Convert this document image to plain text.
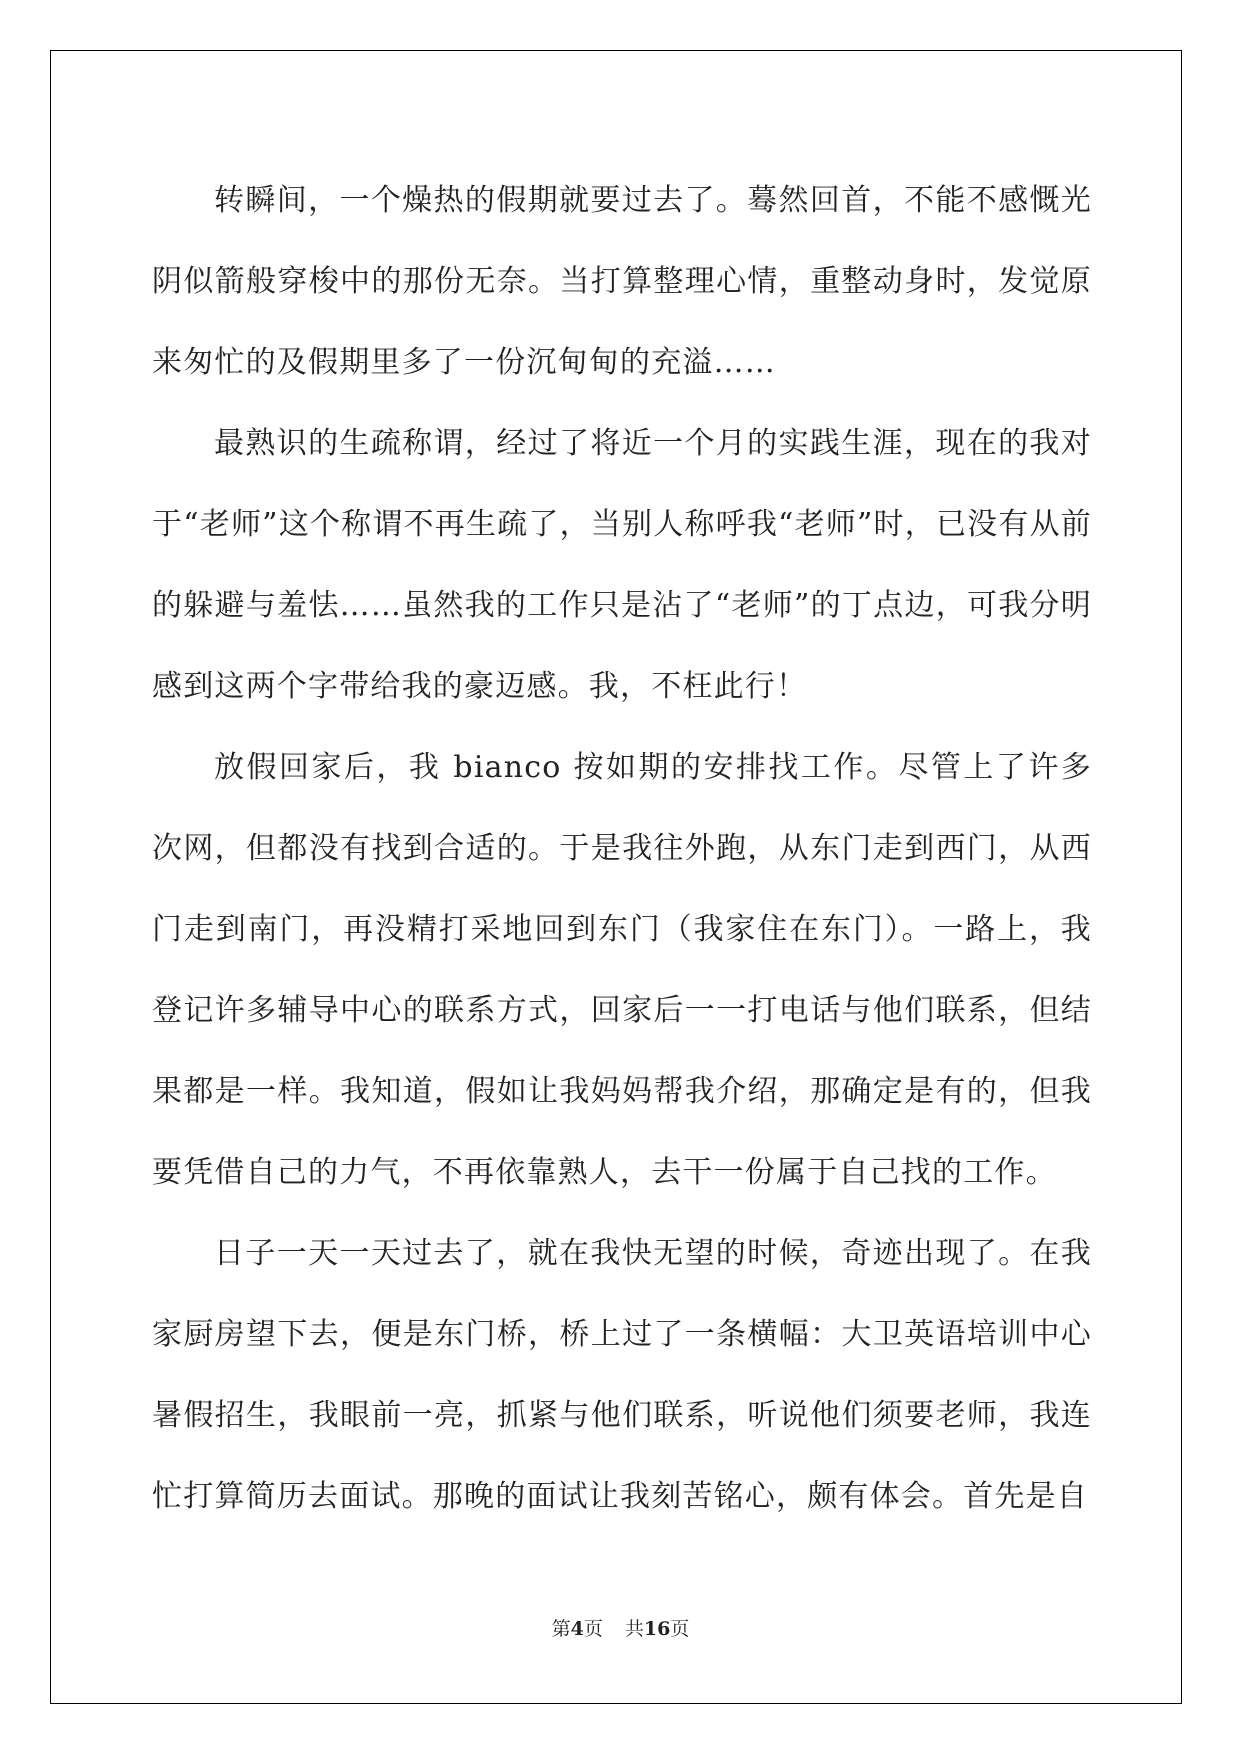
转瞬间，一个燥热的假期就要过去了。蓦然回首，不能不感慨光阴似箭般穿梭中的那份无奈。当打算整理心情，重整动身时，发觉原来匆忙的及假期里多了一份沉甸甸的充溢……

最熟识的生疏称谓，经过了将近一个月的实践生涯，现在的我对于“老师”这个称谓不再生疏了，当别人称呼我“老师”时，已没有从前的躲避与羞怯……虽然我的工作只是沾了“老师”的丁点边，可我分明感到这两个字带给我的豪迈感。我，不枉此行！

放假回家后，我 bianco 按如期的安排找工作。尽管上了许多次网，但都没有找到合适的。于是我往外跑，从东门走到西门，从西门走到南门，再没精打采地回到东门（我家住在东门）。一路上，我登记许多辅导中心的联系方式，回家后一一打电话与他们联系，但结果都是一样。我知道，假如让我妈妈帮我介绍，那确定是有的，但我要凭借自己的力气，不再依靠熟人，去干一份属于自己找的工作。

日子一天一天过去了，就在我快无望的时候，奇迹出现了。在我家厨房望下去，便是东门桥，桥上过了一条横幅：大卫英语培训中心暑假招生，我眼前一亮，抓紧与他们联系，听说他们须要老师，我连忙打算简历去面试。那晚的面试让我刻苦铭心，颇有体会。首先是自

第4页 共16页
